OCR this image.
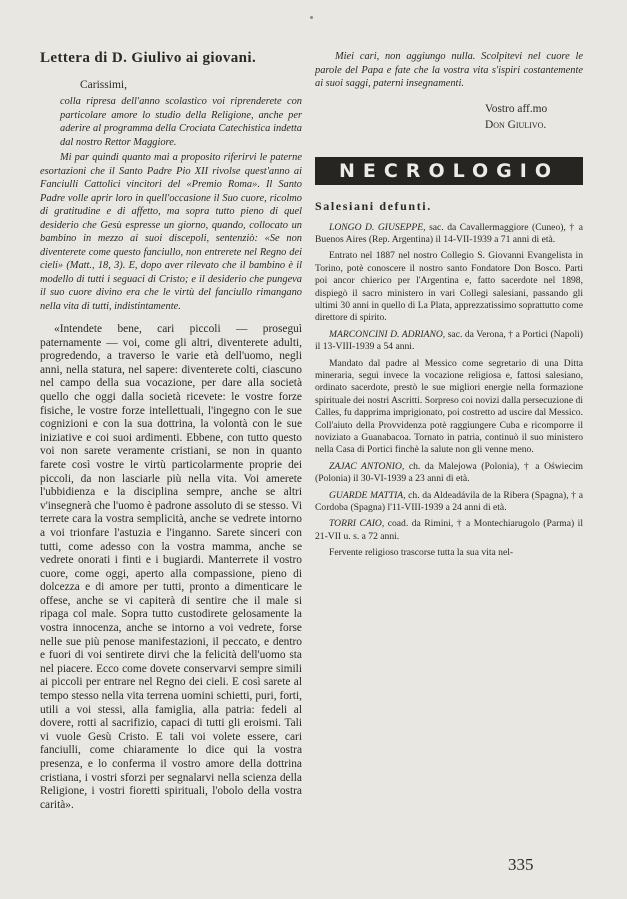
Lettera di D. Giulivo ai giovani.

Carissimi,

colla ripresa dell'anno scolastico voi riprenderete con particolare amore lo studio della Religione, anche per aderire al programma della Crociata Catechistica indetta dal nostro Rettor Maggiore.

Mi par quindi quanto mai a proposito riferirvi le paterne esortazioni che il Santo Padre Pio XII rivolse quest'anno ai Fanciulli Cattolici vincitori del «Premio Roma». Il Santo Padre volle aprir loro in quell'occasione il Suo cuore, ricolmo di gratitudine e di affetto, ma sopra tutto pieno di quel desiderio che Gesù espresse un giorno, quando, collocato un bambino in mezzo ai suoi discepoli, sentenziò: «Se non diventerete come questo fanciullo, non entrerete nel Regno dei cieli» (Matt., 18, 3). E, dopo aver rilevato che il bambino è il modello di tutti i seguaci di Cristo; e il desiderio che pungeva il suo cuore divino era che le virtù del fanciullo rimangano nella vita di tutti, indistintamente.

«Intendete bene, cari piccoli — proseguì paternamente — voi, come gli altri, diventerete adulti, progredendo, a traverso le varie età dell'uomo, negli anni, nella statura, nel sapere: diventerete colti, ciascuno nel campo della sua vocazione, per dare alla società quello che oggi dalla società ricevete: le vostre forze fisiche, le vostre forze intellettuali, l'ingegno con le sue cognizioni e con la sua dottrina, la volontà con le sue iniziative e coi suoi ardimenti. Ebbene, con tutto questo voi non sarete veramente cristiani, se non in quanto farete così vostre le virtù particolarmente proprie dei piccoli, da non lasciarle più nella vita. Voi amerete l'ubbidienza e la disciplina sempre, anche se altri v'insegnerà che l'uomo è padrone assoluto di se stesso. Vi terrete cara la vostra semplicità, anche se vedrete intorno a voi trionfare l'astuzia e l'inganno. Sarete sinceri con tutti, come adesso con la vostra mamma, anche se vedrete onorati i finti e i bugiardi. Manterrete il vostro cuore, come oggi, aperto alla compassione, pieno di dolcezza e di amore per tutti, pronto a dimenticare le offese, anche se vi capiterà di sentire che il male si ripaga col male. Sopra tutto custodirete gelosamente la vostra innocenza, anche se intorno a voi vedrete, forse nelle sue più penose manifestazioni, il peccato, e dentro e fuori di voi sentirete dirvi che la felicità dell'uomo sta nel piacere. Ecco come dovete conservarvi sempre simili ai piccoli per entrare nel Regno dei cieli. E così sarete al tempo stesso nella vita terrena uomini schietti, puri, forti, utili a voi stessi, alla famiglia, alla patria: fedeli al dovere, rotti al sacrifizio, capaci di tutti gli eroismi. Tali vi vuole Gesù Cristo. E tali voi volete essere, cari fanciulli, come chiaramente lo dice qui la vostra presenza, e lo conferma il vostro amore della dottrina cristiana, i vostri sforzi per segnalarvi nella scienza della Religione, i vostri fioretti spirituali, l'obolo della vostra carità».

Miei cari, non aggiungo nulla. Scolpitevi nel cuore le parole del Papa e fate che la vostra vita s'ispiri costantemente ai suoi saggi, paterni insegnamenti.

Vostro aff.mo

Don Giulivo.

NECROLOGIO
Salesiani defunti.

LONGO D. GIUSEPPE, sac. da Cavallermaggiore (Cuneo), † a Buenos Aires (Rep. Argentina) il 14-VII-1939 a 71 anni di età.

Entrato nel 1887 nel nostro Collegio S. Giovanni Evangelista in Torino, potè conoscere il nostro santo Fondatore Don Bosco. Parti poi ancor chierico per l'Argentina e, fatto sacerdote nel 1898, dispiegò il sacro ministero in vari Collegi salesiani, passando gli ultimi 30 anni in quello di La Plata, apprezzatissimo soprattutto come direttore di spirito.

MARCONCINI D. ADRIANO, sac. da Verona, † a Portici (Napoli) il 13-VIII-1939 a 54 anni.

Mandato dal padre al Messico come segretario di una Ditta mineraria, seguì invece la vocazione religiosa e, fattosi salesiano, ordinato sacerdote, prestò le sue migliori energie nella formazione spirituale dei nostri Ascritti. Sorpreso coi novizi dalla persecuzione di Calles, fu dapprima imprigionato, poi costretto ad uscire dal Messico. Coll'aiuto della Provvidenza potè raggiungere Cuba e ricomporre il noviziato a Guanabacoa. Tornato in patria, continuò il suo ministero nella Casa di Portici finchè la salute non gli venne meno.

ZAJAC ANTONIO, ch. da Malejowa (Polonia), † a Oświecim (Polonia) il 30-VI-1939 a 23 anni di età.

GUARDE MATTIA, ch. da Aldeadávila de la Ribera (Spagna), † a Cordoba (Spagna) l'11-VIII-1939 a 24 anni di età.

TORRI CAIO, coad. da Rimini, † a Montechiarugolo (Parma) il 21-VII u. s. a 72 anni.

Fervente religioso trascorse tutta la sua vita nel-

335
